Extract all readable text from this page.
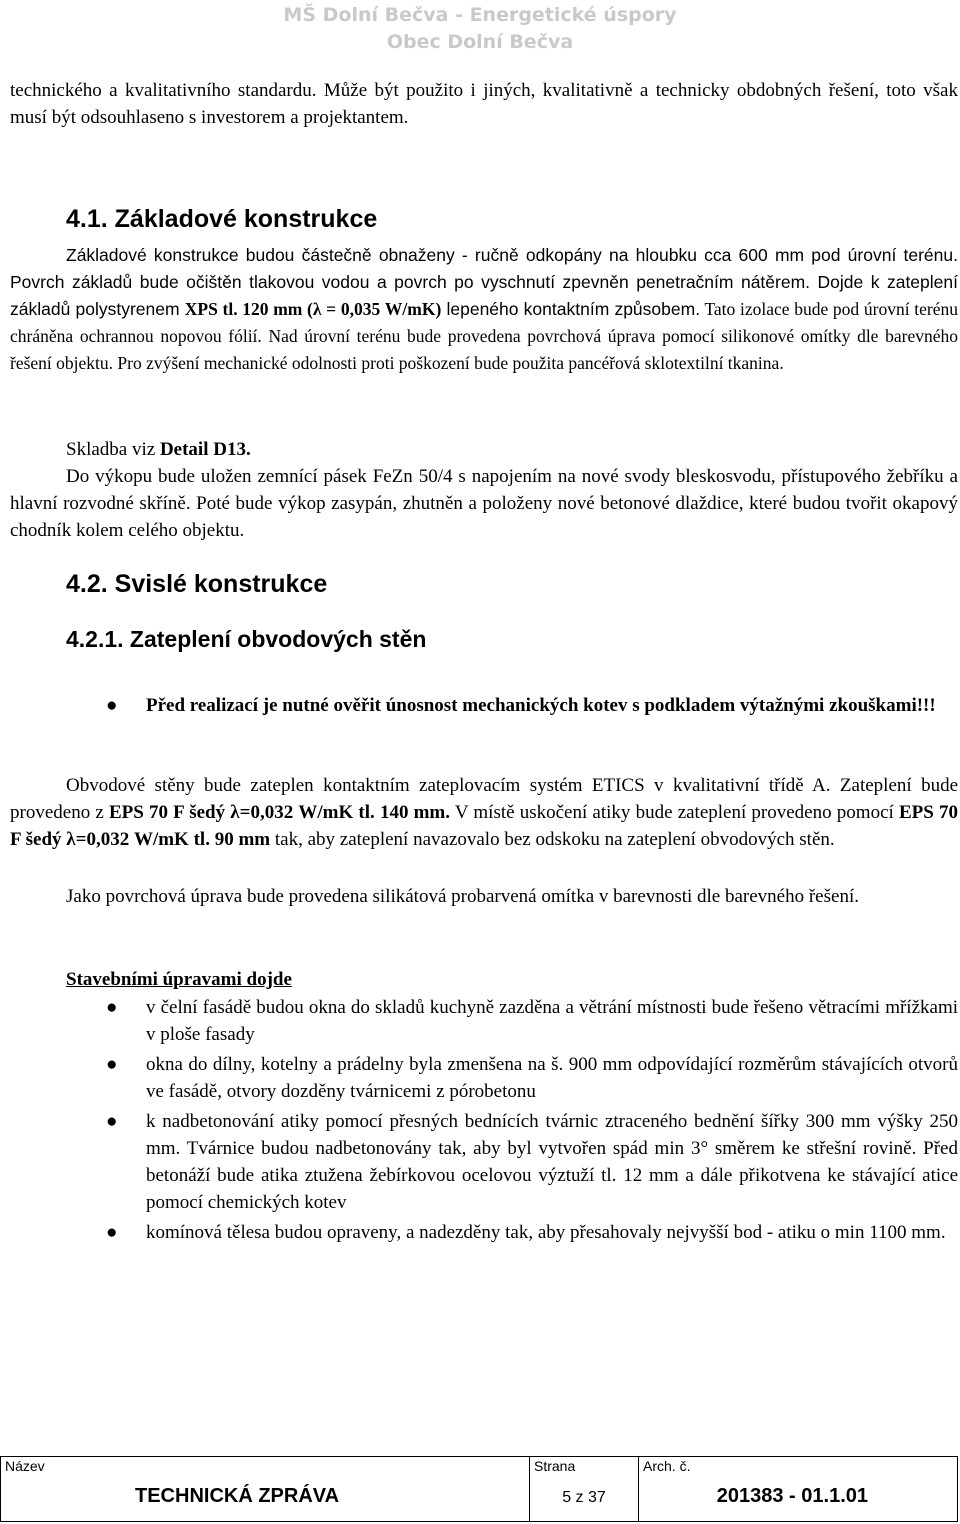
MŠ Dolní Bečva - Energetické úspory
Obec Dolní Bečva
technického a kvalitativního standardu. Může být použito i jiných, kvalitativně a technicky obdobných řešení, toto však musí být odsouhlaseno s investorem a projektantem.
4.1. Základové konstrukce
Základové konstrukce budou částečně obnaženy - ručně odkopány na hloubku cca 600 mm pod úrovní terénu. Povrch základů bude očištěn tlakovou vodou a povrch po vyschnutí zpevněn penetračním nátěrem. Dojde k zateplení základů polystyrenem XPS tl. 120 mm (λ = 0,035 W/mK) lepeného kontaktním způsobem. Tato izolace bude pod úrovní terénu chráněna ochrannou nopovou fólií. Nad úrovní terénu bude provedena povrchová úprava pomocí silikonové omítky dle barevného řešení objektu. Pro zvýšení mechanické odolnosti proti poškození bude použita pancéřová sklotextilní tkanina.
Skladba viz Detail D13.
Do výkopu bude uložen zemnící pásek FeZn 50/4 s napojením na nové svody bleskosvodu, přístupového žebříku a hlavní rozvodné skříně. Poté bude výkop zasypán, zhutněn a položeny nové betonové dlaždice, které budou tvořit okapový chodník kolem celého objektu.
4.2. Svislé konstrukce
4.2.1. Zateplení obvodových stěn
● Před realizací je nutné ověřit únosnost mechanických kotev s podkladem výtažnými zkouškami!!!
Obvodové stěny bude zateplen kontaktním zateplovacím systém ETICS v kvalitativní třídě A. Zateplení bude provedeno z EPS 70 F šedý λ=0,032 W/mK tl. 140 mm. V místě uskočení atiky bude zateplení provedeno pomocí EPS 70 F šedý λ=0,032 W/mK tl. 90 mm tak, aby zateplení navazovalo bez odskoku na zateplení obvodových stěn.
Jako povrchová úprava bude provedena silikátová probarvená omítka v barevnosti dle barevného řešení.
Stavebními úpravami dojde
● v čelní fasádě budou okna do skladů kuchyně zazděna a větrání místnosti bude řešeno větracími mřížkami v ploše fasady
● okna do dílny, kotelny a prádelny byla zmenšena na š. 900 mm odpovídající rozměrům stávajících otvorů ve fasádě, otvory dozděny tvárnicemi z pórobetonu
● k nadbetonování atiky pomocí přesných bednících tvárnic ztraceného bednění šířky 300 mm výšky 250 mm. Tvárnice budou nadbetonovány tak, aby byl vytvořen spád min 3° směrem ke střešní rovině. Před betonáží bude atika ztužena žebírkovou ocelovou výztuží tl. 12 mm a dále přikotvena ke stávající atice pomocí chemických kotev
● komínová tělesa budou opraveny, a nadezděny tak, aby přesahovaly nejvyšší bod - atiku o min 1100 mm.
Název
TECHNICKÁ ZPRÁVA

Strana
5 z 37

Arch. č.
201383 - 01.1.01
